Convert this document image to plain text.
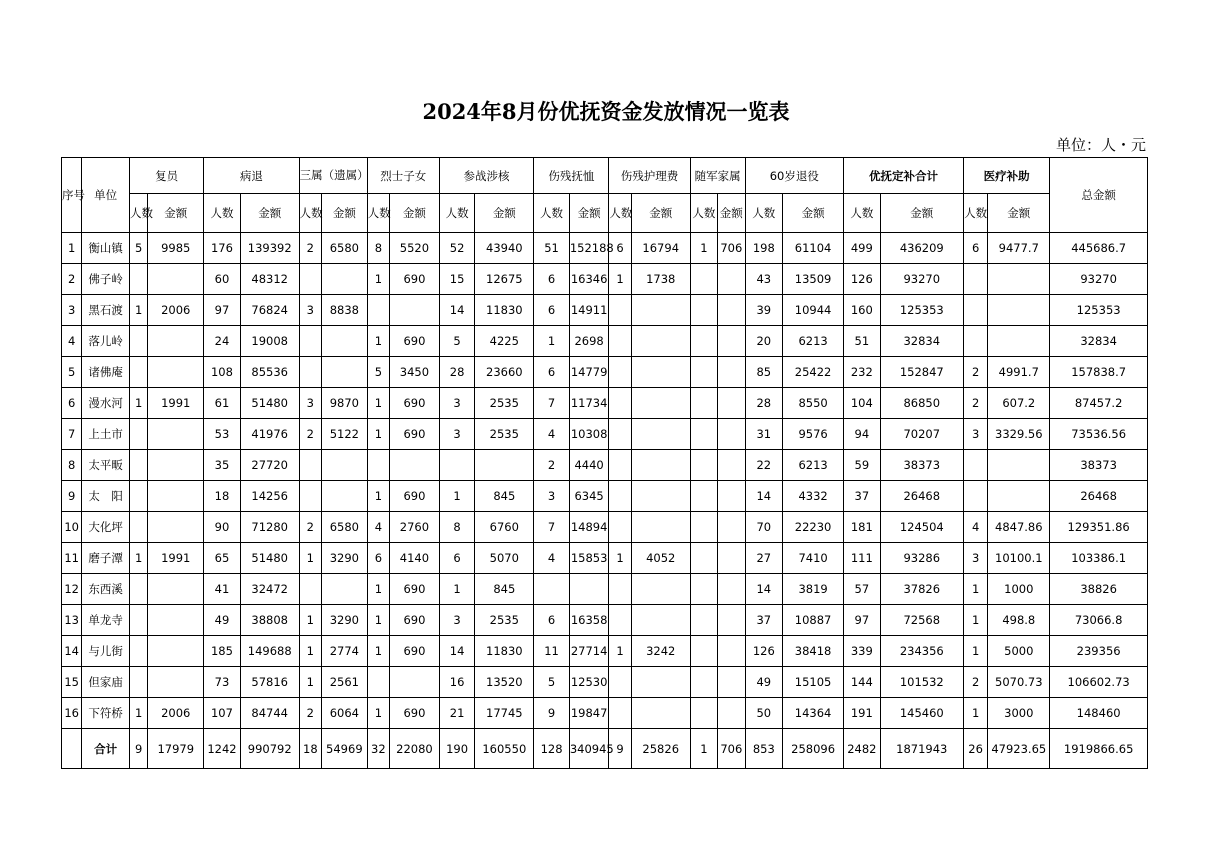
2024年8月份优抚资金发放情况一览表
单位：人・元
序号	单位	复员		病退		三属（遗属）		烈士子女		参战涉核		伤残抚恤		伤残护理费		随军家属		60岁退役		优抚定补合计		医疗补助		总金额
		人数	金额	人数	金额	人数	金额	人数	金额	人数	金额	人数	金额	人数	金额	人数	金额	人数	金额	人数	金额	人数	金额	
1	衡山镇	5	9985	176	139392	2	6580	8	5520	52	43940	51	152188	6	16794	1	706	198	61104	499	436209	6	9477.7	445686.7
2	佛子岭			60	48312			1	690	15	12675	6	16346	1	1738			43	13509	126	93270			93270
3	黑石渡	1	2006	97	76824	3	8838			14	11830	6	14911					39	10944	160	125353			125353
4	落儿岭			24	19008			1	690	5	4225	1	2698					20	6213	51	32834			32834
5	诸佛庵			108	85536			5	3450	28	23660	6	14779					85	25422	232	152847	2	4991.7	157838.7
6	漫水河	1	1991	61	51480	3	9870	1	690	3	2535	7	11734					28	8550	104	86850	2	607.2	87457.2
7	上土市			53	41976	2	5122	1	690	3	2535	4	10308					31	9576	94	70207	3	3329.56	73536.56
8	太平畈			35	27720							2	4440					22	6213	59	38373			38373
9	太　阳			18	14256			1	690	1	845	3	6345					14	4332	37	26468			26468
10	大化坪			90	71280	2	6580	4	2760	8	6760	7	14894					70	22230	181	124504	4	4847.86	129351.86
11	磨子潭	1	1991	65	51480	1	3290	6	4140	6	5070	4	15853	1	4052			27	7410	111	93286	3	10100.1	103386.1
12	东西溪			41	32472			1	690	1	845							14	3819	57	37826	1	1000	38826
13	单龙寺			49	38808	1	3290	1	690	3	2535	6	16358					37	10887	97	72568	1	498.8	73066.8
14	与儿街			185	149688	1	2774	1	690	14	11830	11	27714	1	3242			126	38418	339	234356	1	5000	239356
15	但家庙			73	57816	1	2561			16	13520	5	12530					49	15105	144	101532	2	5070.73	106602.73
16	下符桥	1	2006	107	84744	2	6064	1	690	21	17745	9	19847					50	14364	191	145460	1	3000	148460
	合计	9	17979	1242	990792	18	54969	32	22080	190	160550	128	340945	9	25826	1	706	853	258096	2482	1871943	26	47923.65	1919866.65
